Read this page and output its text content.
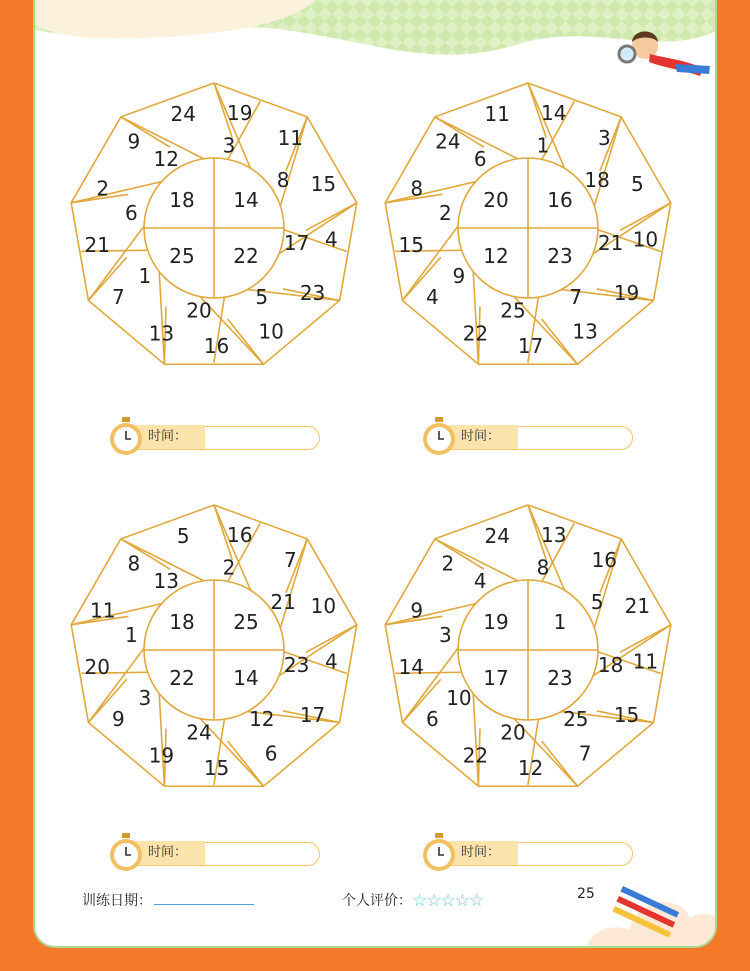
19
11
15
4
23
10
16
13
7
21
2
9
24
3
8
17
5
20
1
6
12
18 14
25 22
14
3
5
10
19
13
17
22
4
15
8
24
11
1
18
21
7
25
9
2
6
20 16
12 23
16
7
10
4
17
6
15
19
9
20
11
8
5
2
21
23
12
24
3
1
13
18 25
22 14
13
16
21
11
15
7
12
22
6
14
9
2
24
8
5
18
25
20
10
3
4
19 1
17 23
时间：	时间：
时间：	时间：
训练日期：	个人评价：☆☆☆☆☆	25
